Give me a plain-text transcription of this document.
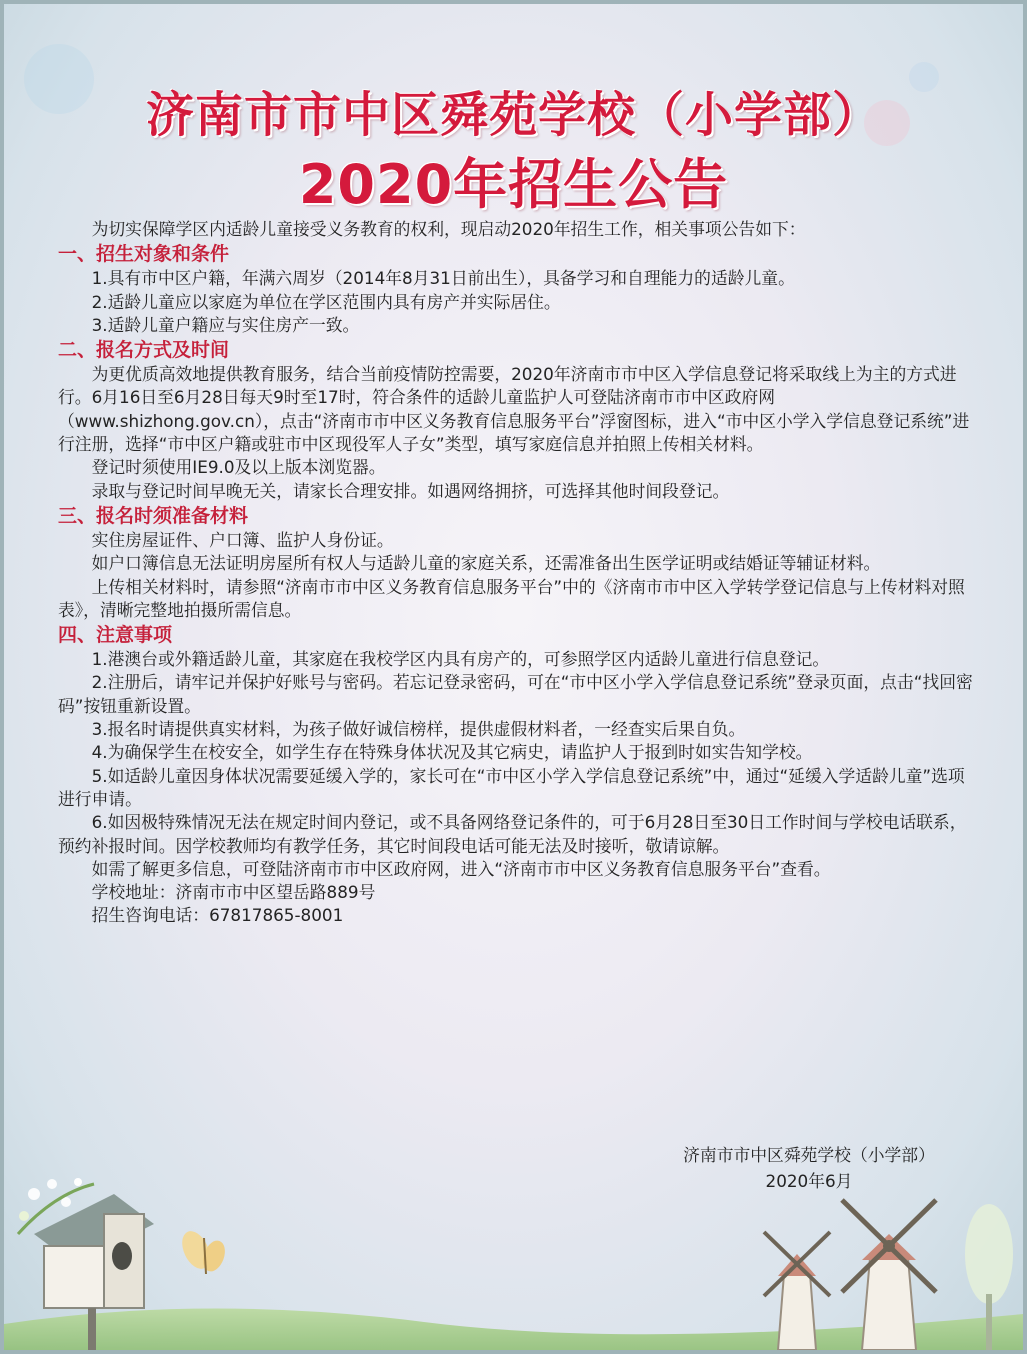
济南市市中区舜苑学校（小学部）
2020年招生公告

为切实保障学区内适龄儿童接受义务教育的权利，现启动2020年招生工作，相关事项公告如下：

一、招生对象和条件

1.具有市中区户籍，年满六周岁（2014年8月31日前出生），具备学习和自理能力的适龄儿童。

2.适龄儿童应以家庭为单位在学区范围内具有房产并实际居住。

3.适龄儿童户籍应与实住房产一致。

二、报名方式及时间

为更优质高效地提供教育服务，结合当前疫情防控需要，2020年济南市市中区入学信息登记将采取线上为主的方式进行。6月16日至6月28日每天9时至17时，符合条件的适龄儿童监护人可登陆济南市市中区政府网（www.shizhong.gov.cn），点击“济南市市中区义务教育信息服务平台”浮窗图标，进入“市中区小学入学信息登记系统”进行注册，选择“市中区户籍或驻市中区现役军人子女”类型，填写家庭信息并拍照上传相关材料。

登记时须使用IE9.0及以上版本浏览器。

录取与登记时间早晚无关，请家长合理安排。如遇网络拥挤，可选择其他时间段登记。

三、报名时须准备材料

实住房屋证件、户口簿、监护人身份证。

如户口簿信息无法证明房屋所有权人与适龄儿童的家庭关系，还需准备出生医学证明或结婚证等辅证材料。

上传相关材料时，请参照“济南市市中区义务教育信息服务平台”中的《济南市市中区入学转学登记信息与上传材料对照表》，清晰完整地拍摄所需信息。

四、注意事项

1.港澳台或外籍适龄儿童，其家庭在我校学区内具有房产的，可参照学区内适龄儿童进行信息登记。

2.注册后，请牢记并保护好账号与密码。若忘记登录密码，可在“市中区小学入学信息登记系统”登录页面，点击“找回密码”按钮重新设置。

3.报名时请提供真实材料，为孩子做好诚信榜样，提供虚假材料者，一经查实后果自负。

4.为确保学生在校安全，如学生存在特殊身体状况及其它病史，请监护人于报到时如实告知学校。

5.如适龄儿童因身体状况需要延缓入学的，家长可在“市中区小学入学信息登记系统”中，通过“延缓入学适龄儿童”选项进行申请。

6.如因极特殊情况无法在规定时间内登记，或不具备网络登记条件的，可于6月28日至30日工作时间与学校电话联系，预约补报时间。因学校教师均有教学任务，其它时间段电话可能无法及时接听，敬请谅解。

如需了解更多信息，可登陆济南市市中区政府网，进入“济南市市中区义务教育信息服务平台”查看。

学校地址：济南市市中区望岳路889号

招生咨询电话：67817865-8001

济南市市中区舜苑学校（小学部）
2020年6月
